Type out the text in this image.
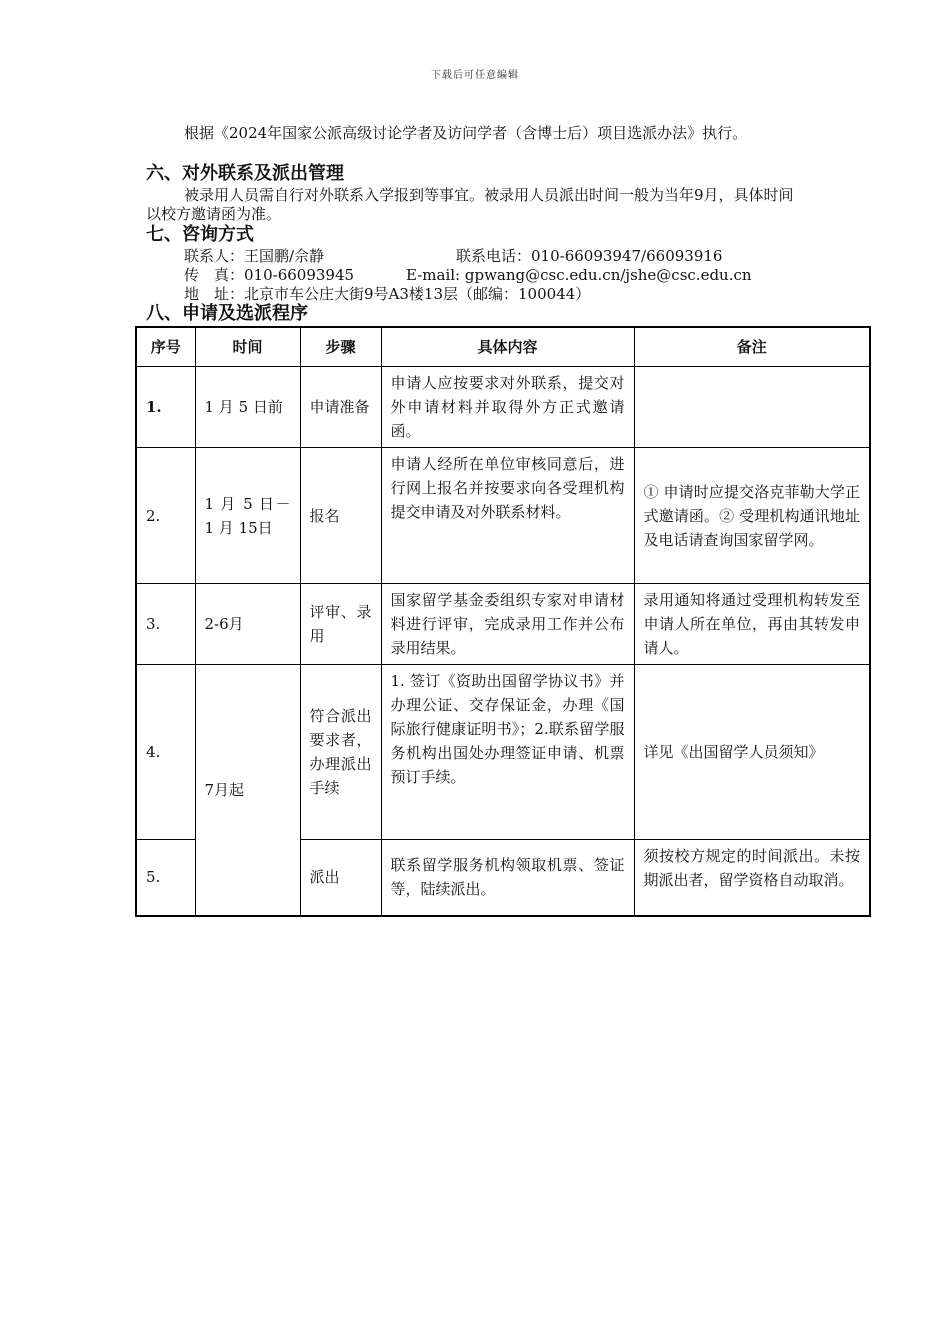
下载后可任意编辑
根据《2024年国家公派高级讨论学者及访问学者（含博士后）项目选派办法》执行。
六、对外联系及派出管理
被录用人员需自行对外联系入学报到等事宜。被录用人员派出时间一般为当年9月，具体时间以校方邀请函为准。
七、咨询方式
联系人：王国鹏/佘静	联系电话：010-66093947/66093916
传　真：010-66093945	E-mail: gpwang@csc.edu.cn/jshe@csc.edu.cn
地　址：北京市车公庄大街9号A3楼13层（邮编：100044）
八、申请及选派程序
序号	时间	步骤	具体内容	备注
1.	1 月 5 日前	申请准备	申请人应按要求对外联系，提交对外申请材料并取得外方正式邀请函。	
2.	1 月 5 日－1 月 15日	报名	申请人经所在单位审核同意后，进行网上报名并按要求向各受理机构提交申请及对外联系材料。	① 申请时应提交洛克菲勒大学正式邀请函。② 受理机构通讯地址及电话请查询国家留学网。
3.	2-6月	评审、录用	国家留学基金委组织专家对申请材料进行评审，完成录用工作并公布录用结果。	录用通知将通过受理机构转发至申请人所在单位，再由其转发申请人。
4.	7月起	符合派出要求者，办理派出手续	1. 签订《资助出国留学协议书》并办理公证、交存保证金，办理《国际旅行健康证明书》；2.联系留学服务机构出国处办理签证申请、机票预订手续。	详见《出国留学人员须知》
5.		派出	联系留学服务机构领取机票、签证等，陆续派出。	须按校方规定的时间派出。未按期派出者，留学资格自动取消。
